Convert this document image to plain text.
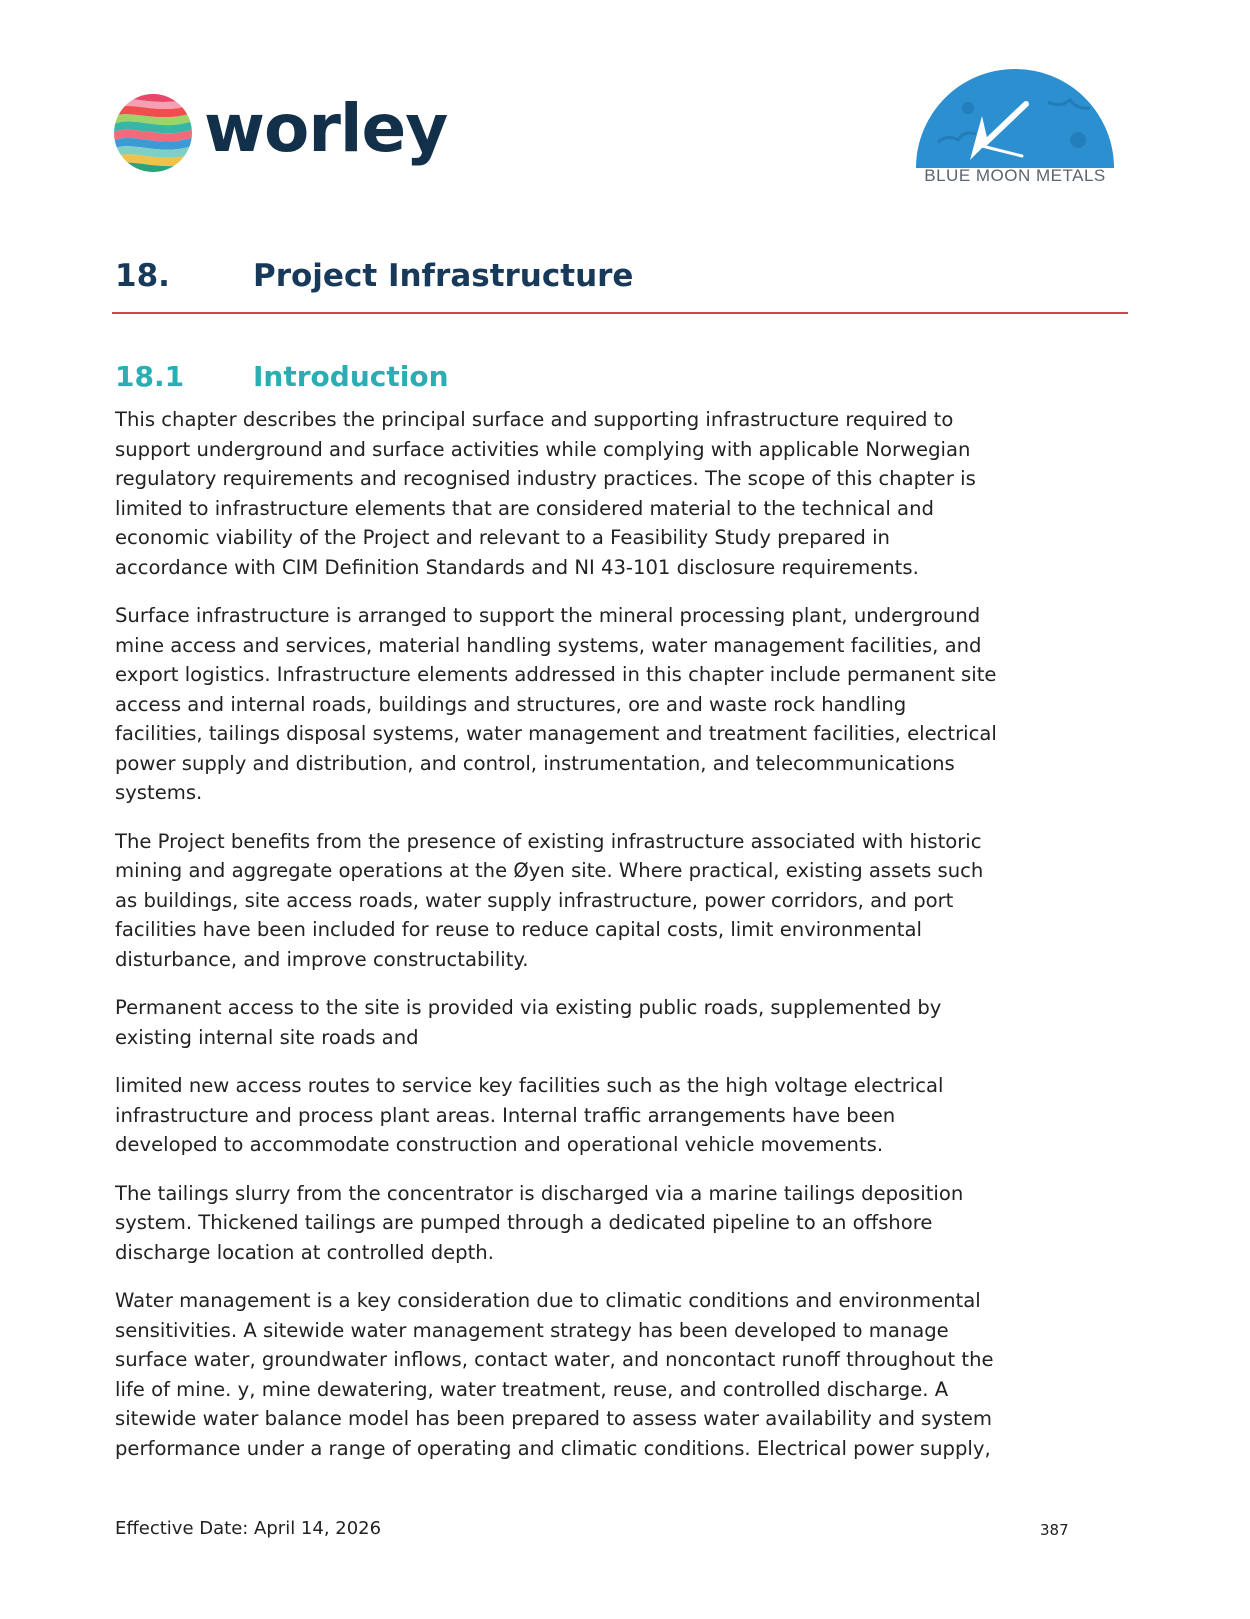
worley
BLUE MOON METALS
18.	Project Infrastructure
18.1 Introduction

This chapter describes the principal surface and supporting infrastructure required to
support underground and surface activities while complying with applicable Norwegian
regulatory requirements and recognised industry practices. The scope of this chapter is
limited to infrastructure elements that are considered material to the technical and
economic viability of the Project and relevant to a Feasibility Study prepared in
accordance with CIM Definition Standards and NI 43-101 disclosure requirements.

Surface infrastructure is arranged to support the mineral processing plant, underground
mine access and services, material handling systems, water management facilities, and
export logistics. Infrastructure elements addressed in this chapter include permanent site
access and internal roads, buildings and structures, ore and waste rock handling
facilities, tailings disposal systems, water management and treatment facilities, electrical
power supply and distribution, and control, instrumentation, and telecommunications
systems.

The Project benefits from the presence of existing infrastructure associated with historic
mining and aggregate operations at the Øyen site. Where practical, existing assets such
as buildings, site access roads, water supply infrastructure, power corridors, and port
facilities have been included for reuse to reduce capital costs, limit environmental
disturbance, and improve constructability.

Permanent access to the site is provided via existing public roads, supplemented by
existing internal site roads and

limited new access routes to service key facilities such as the high voltage electrical
infrastructure and process plant areas. Internal traffic arrangements have been
developed to accommodate construction and operational vehicle movements.

The tailings slurry from the concentrator is discharged via a marine tailings deposition
system. Thickened tailings are pumped through a dedicated pipeline to an offshore
discharge location at controlled depth.

Water management is a key consideration due to climatic conditions and environmental
sensitivities. A sitewide water management strategy has been developed to manage
surface water, groundwater inflows, contact water, and noncontact runoff throughout the
life of mine. y, mine dewatering, water treatment, reuse, and controlled discharge. A
sitewide water balance model has been prepared to assess water availability and system
performance under a range of operating and climatic conditions. Electrical power supply,

Effective Date: April 14, 2026	387
